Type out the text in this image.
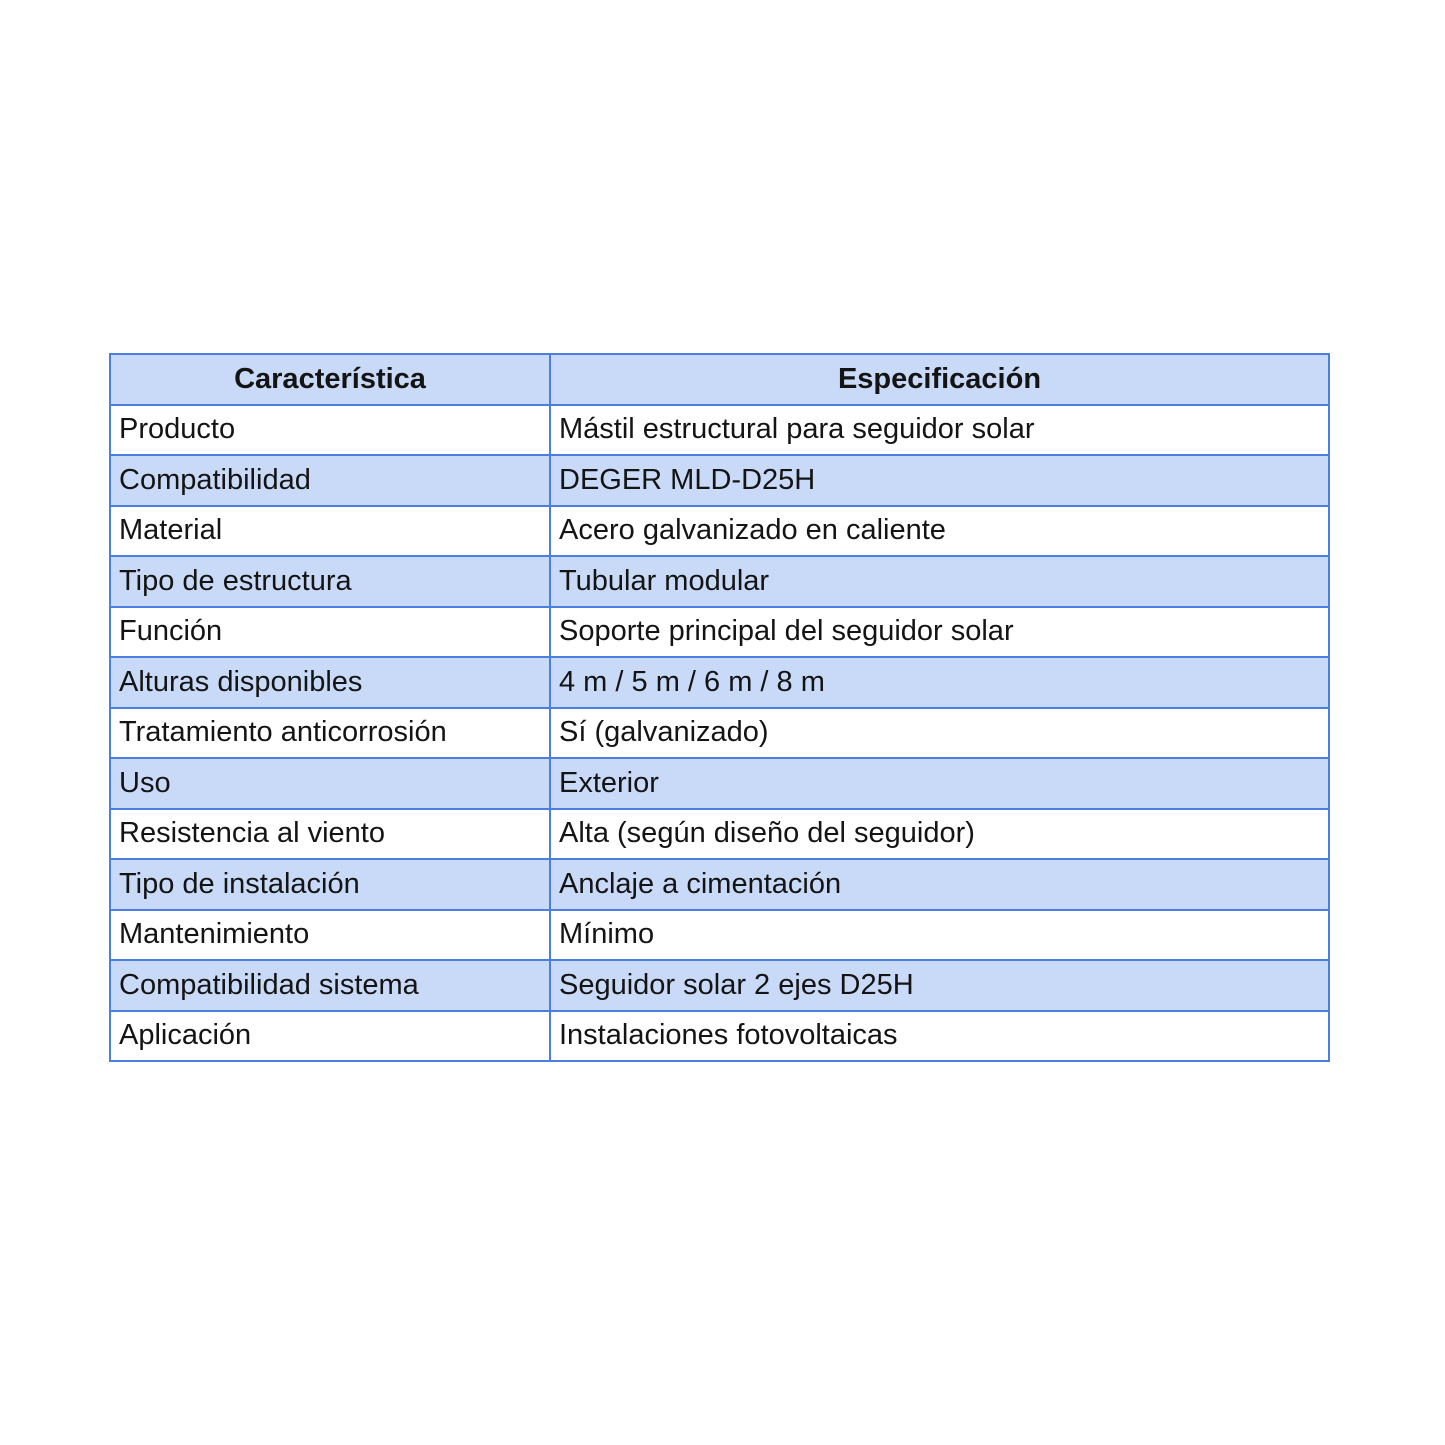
Característica	Especificación
Producto	Mástil estructural para seguidor solar
Compatibilidad	DEGER MLD-D25H
Material	Acero galvanizado en caliente
Tipo de estructura	Tubular modular
Función	Soporte principal del seguidor solar
Alturas disponibles	4 m / 5 m / 6 m / 8 m
Tratamiento anticorrosión	Sí (galvanizado)
Uso	Exterior
Resistencia al viento	Alta (según diseño del seguidor)
Tipo de instalación	Anclaje a cimentación
Mantenimiento	Mínimo
Compatibilidad sistema	Seguidor solar 2 ejes D25H
Aplicación	Instalaciones fotovoltaicas
